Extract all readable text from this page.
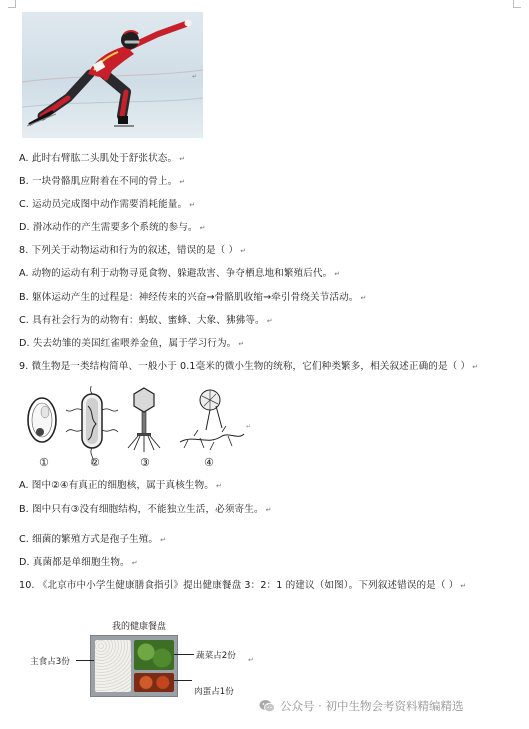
↵
A. 此时右臂肱二头肌处于舒张状态。 ↵
B. 一块骨骼肌应附着在不同的骨上。 ↵
C. 运动员完成图中动作需要消耗能量。 ↵
D. 滑冰动作的产生需要多个系统的参与。 ↵
8. 下列关于动物运动和行为的叙述，错误的是（ ） ↵
A. 动物的运动有利于动物寻觅食物、躲避敌害、争夺栖息地和繁殖后代。 ↵
B. 躯体运动产生的过程是：神经传来的兴奋→骨骼肌收缩→牵引骨绕关节活动。 ↵
C. 具有社会行为的动物有：蚂蚁、蜜蜂、大象、狒狒等。 ↵
D. 失去幼雏的美国红雀喂养金鱼，属于学习行为。 ↵
9. 微生物是一类结构简单、一般小于 0.1毫米的微小生物的统称，它们种类繁多，相关叙述正确的是（ ） ↵
↵
①	②	③	④
A. 图中②④有真正的细胞核，属于真核生物。 ↵
B. 图中只有③没有细胞结构，不能独立生活，必须寄生。 ↵
C. 细菌的繁殖方式是孢子生殖。 ↵
D. 真菌都是单细胞生物。 ↵
10. 《北京市中小学生健康膳食指引》提出健康餐盘 3：2：1 的建议（如图）。下列叙述错误的是（ ） ↵
我的健康餐盘
主食占3份
蔬菜占2份
肉蛋占1份
↵
公众号 · 初中生物会考资料精编精选
